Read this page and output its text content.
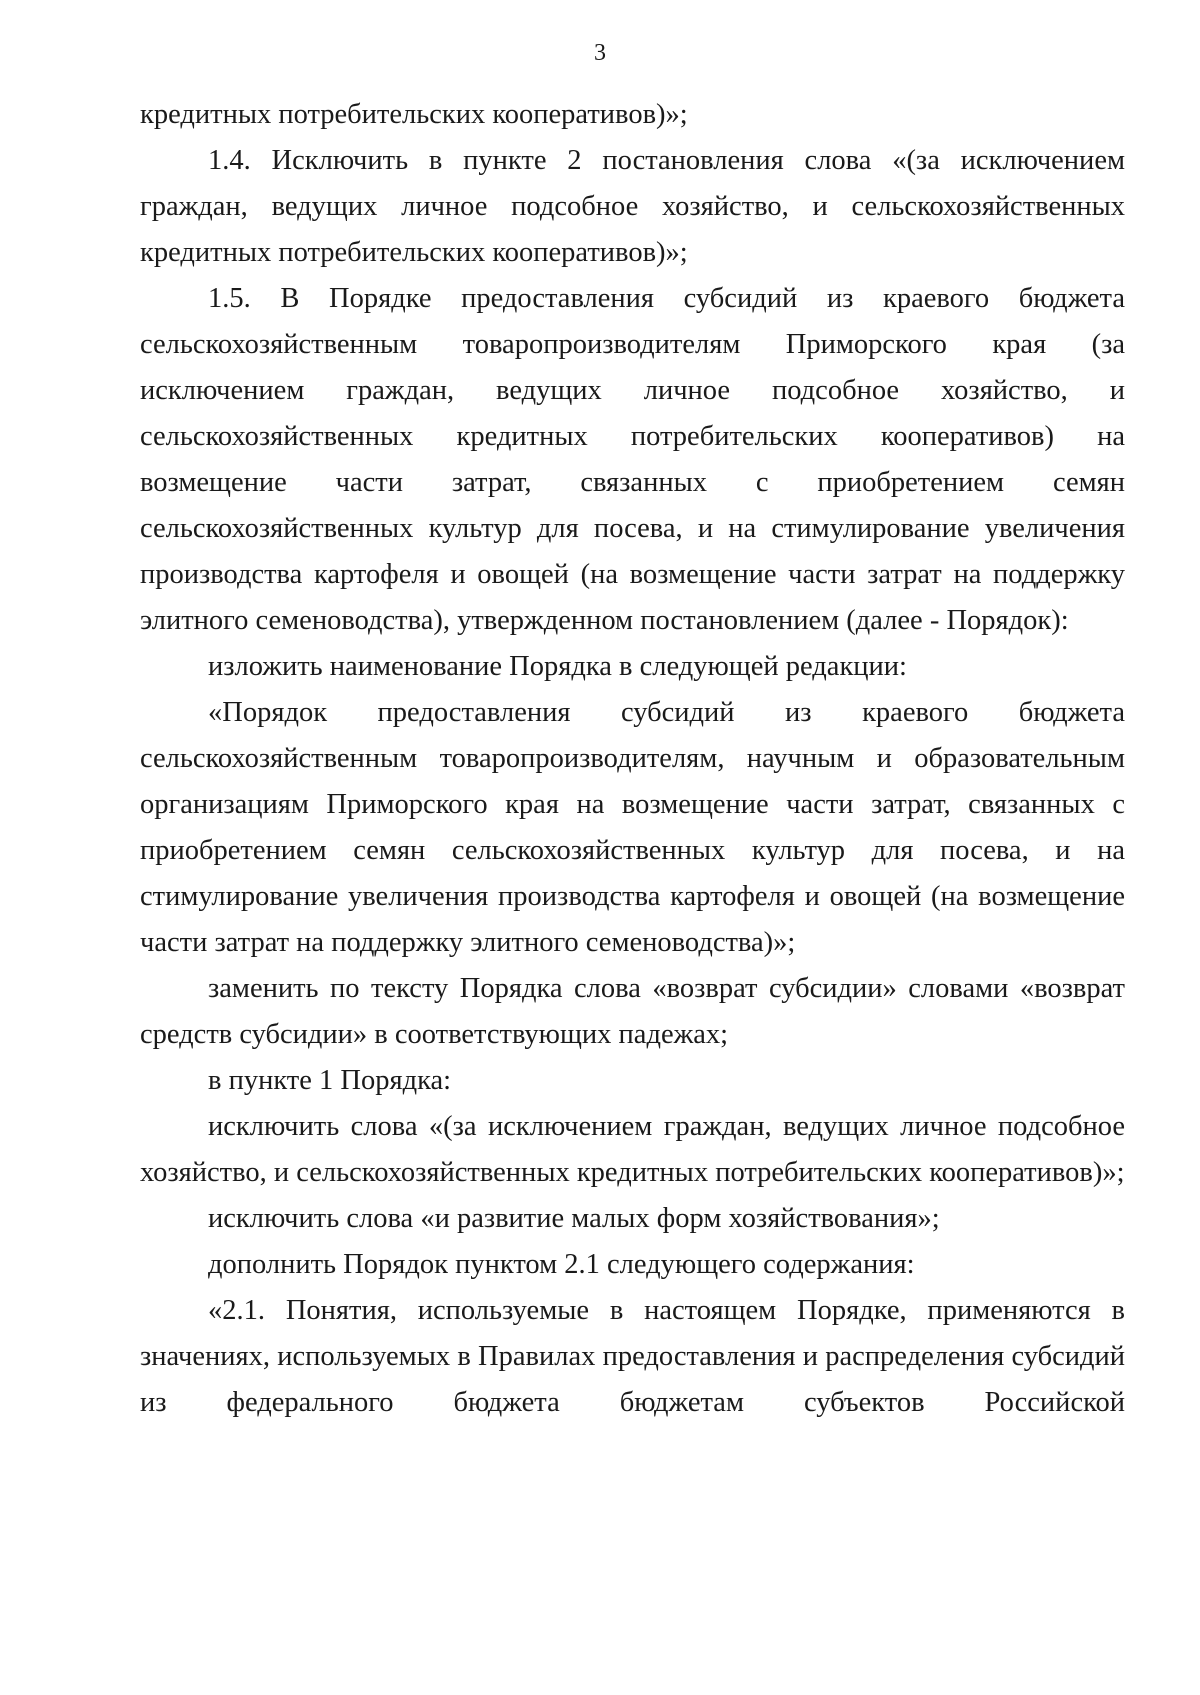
3

кредитных потребительских кооперативов)»;

1.4. Исключить в пункте 2 постановления слова «(за исключением граждан, ведущих личное подсобное хозяйство, и сельскохозяйственных кредитных потребительских кооперативов)»;

1.5. В Порядке предоставления субсидий из краевого бюджета сельскохозяйственным товаропроизводителям Приморского края (за исключением граждан, ведущих личное подсобное хозяйство, и сельскохозяйственных кредитных потребительских кооперативов) на возмещение части затрат, связанных с приобретением семян сельскохозяйственных культур для посева, и на стимулирование увеличения производства картофеля и овощей (на возмещение части затрат на поддержку элитного семеноводства), утвержденном постановлением (далее - Порядок):

изложить наименование Порядка в следующей редакции:

«Порядок предоставления субсидий из краевого бюджета сельскохозяйственным товаропроизводителям, научным и образовательным организациям Приморского края на возмещение части затрат, связанных с приобретением семян сельскохозяйственных культур для посева, и на стимулирование увеличения производства картофеля и овощей (на возмещение части затрат на поддержку элитного семеноводства)»;

заменить по тексту Порядка слова «возврат субсидии» словами «возврат средств субсидии» в соответствующих падежах;

в пункте 1 Порядка:

исключить слова «(за исключением граждан, ведущих личное подсобное хозяйство, и сельскохозяйственных кредитных потребительских кооперативов)»;

исключить слова «и развитие малых форм хозяйствования»;

дополнить Порядок пунктом 2.1 следующего содержания:

«2.1. Понятия, используемые в настоящем Порядке, применяются в значениях, используемых в Правилах предоставления и распределения субсидий из федерального бюджета бюджетам субъектов Российской
